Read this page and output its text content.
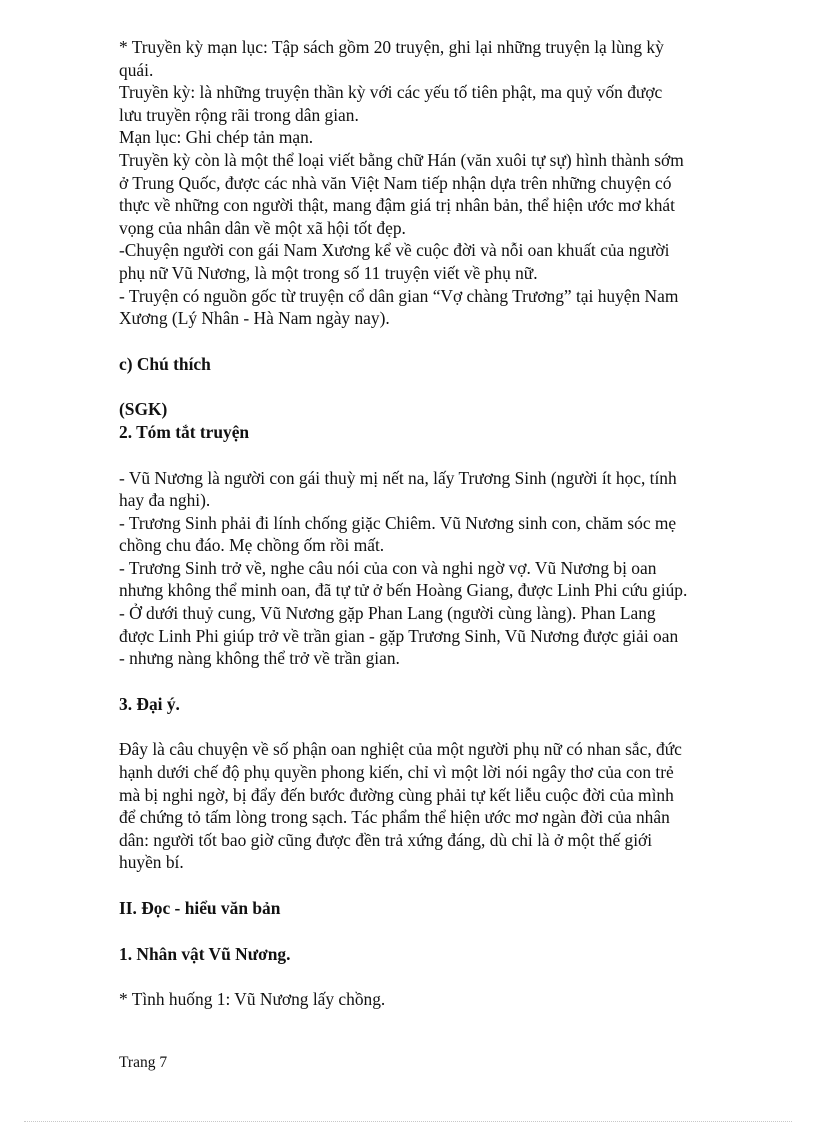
* Truyền kỳ mạn lục: Tập sách gồm 20 truyện, ghi lại những truyện lạ lùng kỳ
quái.
Truyền kỳ: là những truyện thần kỳ với các yếu tố tiên phật, ma quỷ vốn được
lưu truyền rộng rãi trong dân gian.
Mạn lục: Ghi chép tản mạn.
Truyền kỳ còn là một thể loại viết bằng chữ Hán (văn xuôi tự sự) hình thành sớm
ở Trung Quốc, được các nhà văn Việt Nam tiếp nhận dựa trên những chuyện có
thực về những con người thật, mang đậm giá trị nhân bản, thể hiện ước mơ khát
vọng của nhân dân về một xã hội tốt đẹp.
-Chuyện người con gái Nam Xương kể về cuộc đời và nỗi oan khuất của người
phụ nữ Vũ Nương, là một trong số 11 truyện viết về phụ nữ.
- Truyện có nguồn gốc từ truyện cổ dân gian “Vợ chàng Trương” tại huyện Nam
Xương (Lý Nhân - Hà Nam ngày nay).
c) Chú thích
(SGK)
2. Tóm tắt truyện
- Vũ Nương là người con gái thuỳ mị nết na, lấy Trương Sinh (người ít học, tính
hay đa nghi).
- Trương Sinh phải đi lính chống giặc Chiêm. Vũ Nương sinh con, chăm sóc mẹ
chồng chu đáo. Mẹ chồng ốm rồi mất.
- Trương Sinh trở về, nghe câu nói của con và nghi ngờ vợ. Vũ Nương bị oan
nhưng không thể minh oan, đã tự tử ở bến Hoàng Giang, được Linh Phi cứu giúp.
- Ở dưới thuỷ cung, Vũ Nương gặp Phan Lang (người cùng làng). Phan Lang
được Linh Phi giúp trở về trần gian - gặp Trương Sinh, Vũ Nương được giải oan
- nhưng nàng không thể trở về trần gian.
3. Đại ý.
Đây là câu chuyện về số phận oan nghiệt của một người phụ nữ có nhan sắc, đức
hạnh dưới chế độ phụ quyền phong kiến, chỉ vì một lời nói ngây thơ của con trẻ
mà bị nghi ngờ, bị đẩy đến bước đường cùng phải tự kết liễu cuộc đời của mình
để chứng tỏ tấm lòng trong sạch. Tác phẩm thể hiện ước mơ ngàn đời của nhân
dân: người tốt bao giờ cũng được đền trả xứng đáng, dù chỉ là ở một thế giới
huyền bí.
II. Đọc - hiểu văn bản
1. Nhân vật Vũ Nương.
* Tình huống 1: Vũ Nương lấy chồng.
Trang 7
